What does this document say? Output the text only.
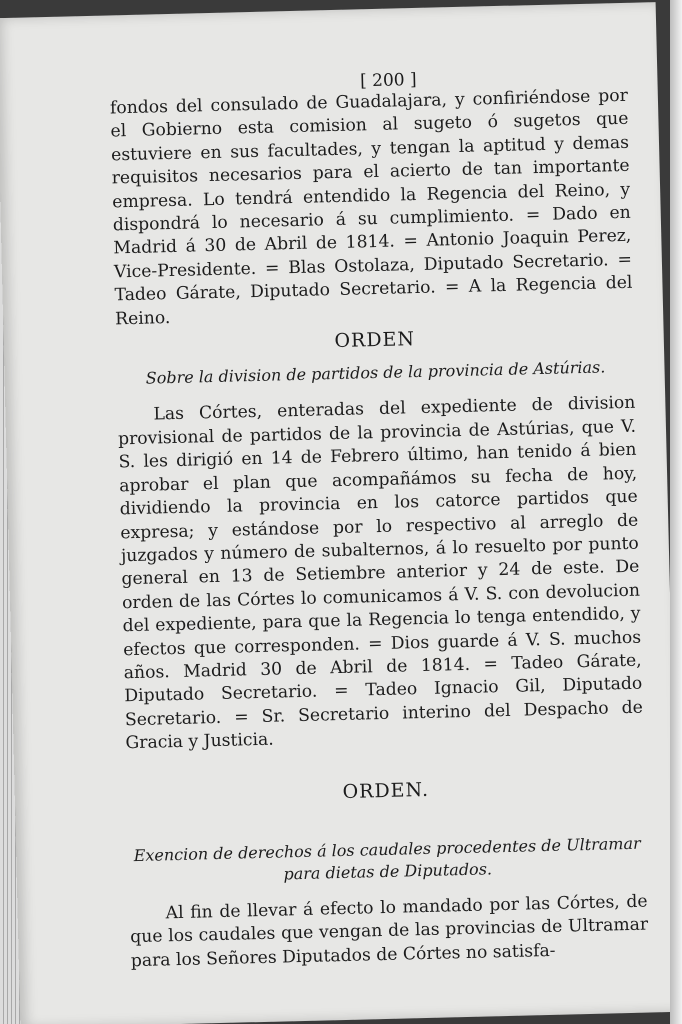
[ 200 ]

fondos del consulado de Guadalajara, y confiriéndose por el Gobierno esta comision al sugeto ó sugetos que estuviere en sus facultades, y tengan la aptitud y demas requisitos necesarios para el acierto de tan importante empresa. Lo tendrá entendido la Regencia del Reino, y dispondrá lo necesario á su cumplimiento. = Dado en Madrid á 30 de Abril de 1814. = Antonio Joaquin Perez, Vice-Presidente. = Blas Ostolaza, Diputado Secretario. = Tadeo Gárate, Diputado Secretario. = A la Regencia del Reino.

ORDEN
Sobre la division de partidos de la provincia de Astúrias.

Las Córtes, enteradas del expediente de division provisional de partidos de la provincia de Astúrias, que V. S. les dirigió en 14 de Febrero último, han tenido á bien aprobar el plan que acompañámos su fecha de hoy, dividiendo la provincia en los catorce partidos que expresa; y estándose por lo respectivo al arreglo de juzgados y número de subalternos, á lo resuelto por punto general en 13 de Setiembre anterior y 24 de este. De orden de las Córtes lo comunicamos á V. S. con devolucion del expediente, para que la Regencia lo tenga entendido, y efectos que corresponden. = Dios guarde á V. S. muchos años. Madrid 30 de Abril de 1814. = Tadeo Gárate, Diputado Secretario. = Tadeo Ignacio Gil, Diputado Secretario. = Sr. Secretario interino del Despacho de Gracia y Justicia.

ORDEN.
Exencion de derechos á los caudales procedentes de Ultramar para dietas de Diputados.

Al fin de llevar á efecto lo mandado por las Córtes, de que los caudales que vengan de las provincias de Ultramar para los Señores Diputados de Córtes no satisfa-
